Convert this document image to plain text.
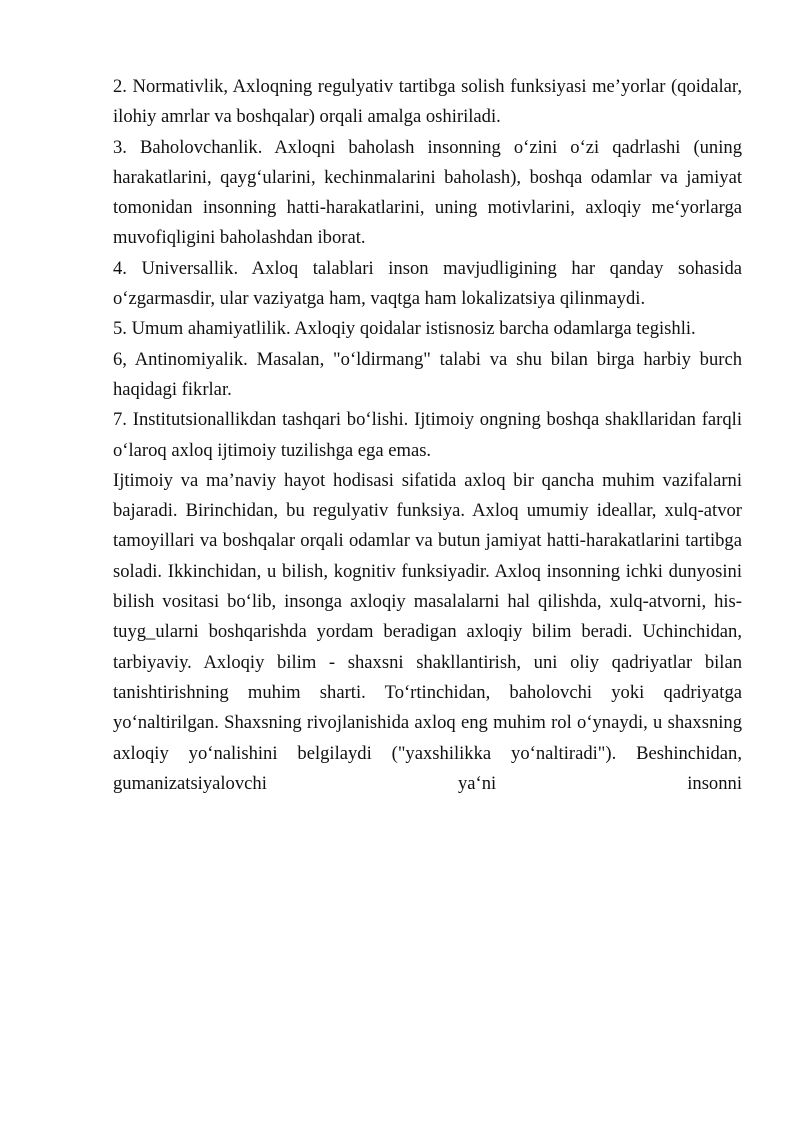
2. Normativlik, Axloqning regulyativ tartibga solish funksiyasi me’yorlar (qoidalar, ilohiy amrlar va boshqalar) orqali amalga oshiriladi.

3. Baholovchanlik. Axloqni baholash insonning o‘zini o‘zi qadrlashi (uning harakatlarini, qayg‘ularini, kechinmalarini baholash), boshqa odamlar va jamiyat tomonidan insonning hatti-harakatlarini, uning motivlarini, axloqiy me‘yorlarga muvofiqligini baholashdan iborat.

4. Universallik. Axloq talablari inson mavjudligining har qanday sohasida o‘zgarmasdir, ular vaziyatga ham, vaqtga ham lokalizatsiya qilinmaydi.

5. Umum ahamiyatlilik. Axloqiy qoidalar istisnosiz barcha odamlarga tegishli.

6, Antinomiyalik. Masalan, "o‘ldirmang" talabi va shu bilan birga harbiy burch haqidagi fikrlar.

7. Institutsionallikdan tashqari bo‘lishi. Ijtimoiy ongning boshqa shakllaridan farqli o‘laroq axloq ijtimoiy tuzilishga ega emas.

Ijtimoiy va ma’naviy hayot hodisasi sifatida axloq bir qancha muhim vazifalarni bajaradi. Birinchidan, bu regulyativ funksiya. Axloq umumiy ideallar, xulq-atvor tamoyillari va boshqalar orqali odamlar va butun jamiyat hatti-harakatlarini tartibga soladi. Ikkinchidan, u bilish, kognitiv funksiyadir. Axloq insonning ichki dunyosini bilish vositasi bo‘lib, insonga axloqiy masalalarni hal qilishda, xulq-atvorni, his-tuyg_ularni boshqarishda yordam beradigan axloqiy bilim beradi. Uchinchidan, tarbiyaviy. Axloqiy bilim - shaxsni shakllantirish, uni oliy qadriyatlar bilan tanishtirishning muhim sharti. To‘rtinchidan, baholovchi yoki qadriyatga yo‘naltirilgan. Shaxsning rivojlanishida axloq eng muhim rol o‘ynaydi, u shaxsning axloqiy yo‘nalishini belgilaydi ("yaxshilikka yo‘naltiradi"). Beshinchidan, gumanizatsiyalovchi ya‘ni insonni
